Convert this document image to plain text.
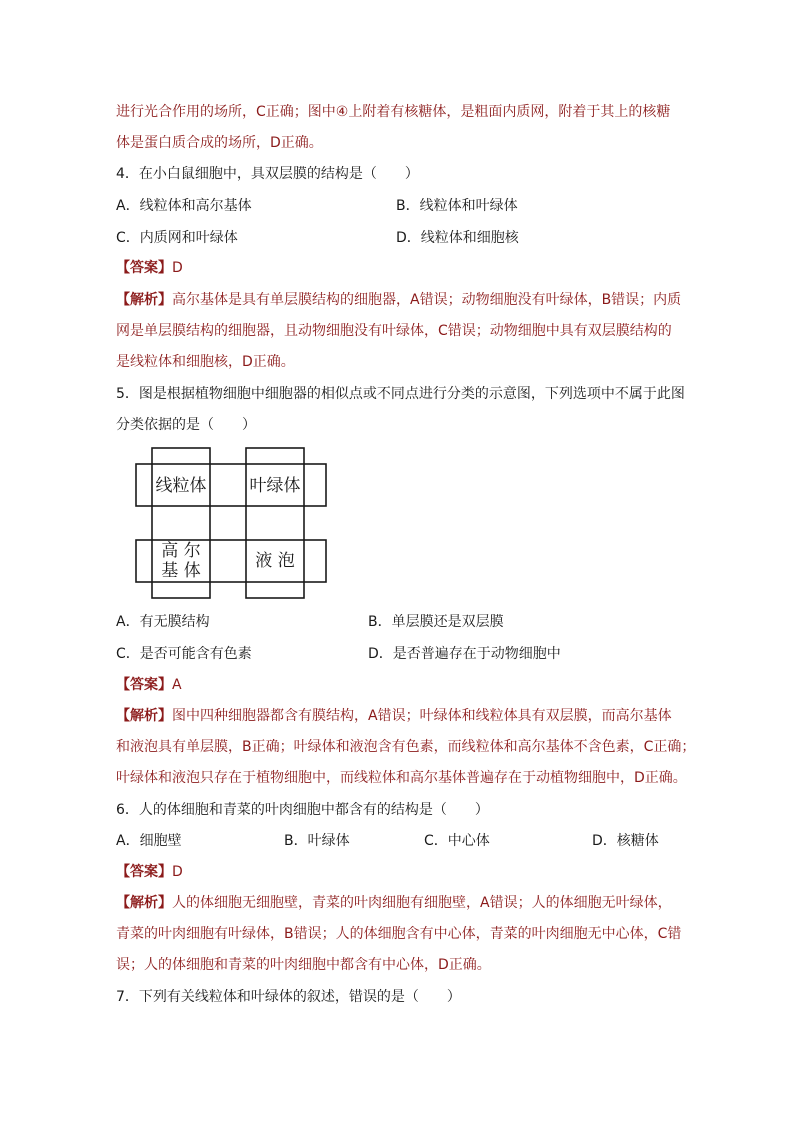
进行光合作用的场所，C正确；图中④上附着有核糖体，是粗面内质网，附着于其上的核糖
体是蛋白质合成的场所，D正确。
4．在小白鼠细胞中，具双层膜的结构是（　　）
A．线粒体和高尔基体	B．线粒体和叶绿体
C．内质网和叶绿体	D．线粒体和细胞核
【答案】D
【解析】高尔基体是具有单层膜结构的细胞器，A错误；动物细胞没有叶绿体，B错误；内质
网是单层膜结构的细胞器，且动物细胞没有叶绿体，C错误；动物细胞中具有双层膜结构的
是线粒体和细胞核，D正确。
5．图是根据植物细胞中细胞器的相似点或不同点进行分类的示意图，下列选项中不属于此图
分类依据的是（　　）
线粒体	叶绿体
高 尔
基 体	液 泡
A．有无膜结构	B．单层膜还是双层膜
C．是否可能含有色素	D．是否普遍存在于动物细胞中
【答案】A
【解析】图中四种细胞器都含有膜结构，A错误；叶绿体和线粒体具有双层膜，而高尔基体
和液泡具有单层膜，B正确；叶绿体和液泡含有色素，而线粒体和高尔基体不含色素，C正确；
叶绿体和液泡只存在于植物细胞中，而线粒体和高尔基体普遍存在于动植物细胞中，D正确。
6．人的体细胞和青菜的叶肉细胞中都含有的结构是（　　）
A．细胞壁	B．叶绿体	C．中心体	D．核糖体
【答案】D
【解析】人的体细胞无细胞壁，青菜的叶肉细胞有细胞壁，A错误；人的体细胞无叶绿体，
青菜的叶肉细胞有叶绿体，B错误；人的体细胞含有中心体，青菜的叶肉细胞无中心体，C错
误；人的体细胞和青菜的叶肉细胞中都含有中心体，D正确。
7．下列有关线粒体和叶绿体的叙述，错误的是（　　）
